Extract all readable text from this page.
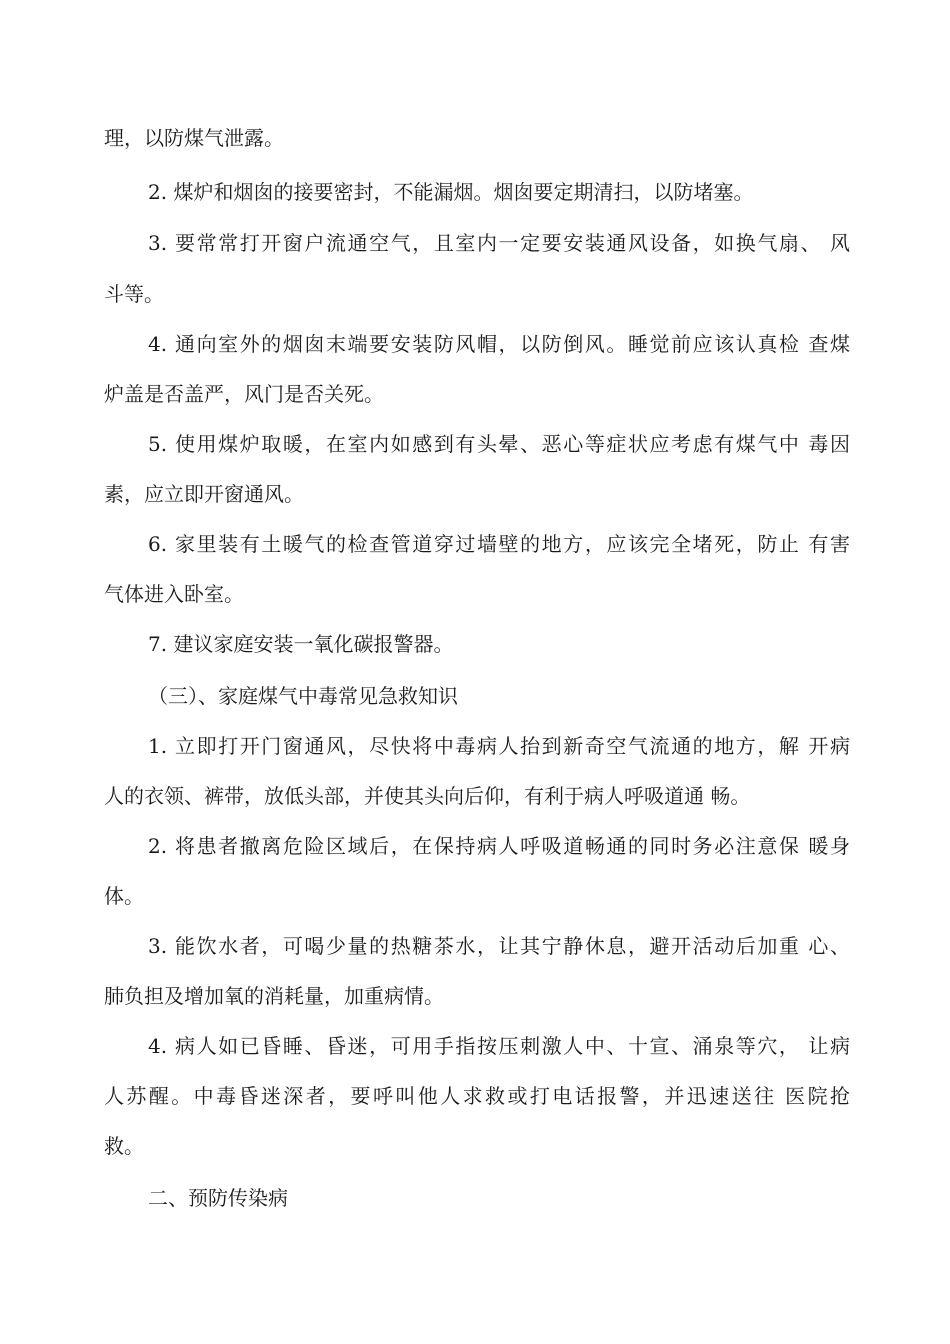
理，以防煤气泄露。
2. 煤炉和烟囱的接要密封，不能漏烟。烟囱要定期清扫，以防堵塞。
3. 要常常打开窗户流通空气，且室内一定要安装通风设备，如换气扇、 风
斗等。
4. 通向室外的烟囱末端要安装防风帽，以防倒风。睡觉前应该认真检 查煤
炉盖是否盖严，风门是否关死。
5. 使用煤炉取暖，在室内如感到有头晕、恶心等症状应考虑有煤气中 毒因
素，应立即开窗通风。
6. 家里装有土暖气的检查管道穿过墙壁的地方，应该完全堵死，防止 有害
气体进入卧室。
7. 建议家庭安装一氧化碳报警器。
（三）、家庭煤气中毒常见急救知识
1. 立即打开门窗通风，尽快将中毒病人抬到新奇空气流通的地方，解 开病
人的衣领、裤带，放低头部，并使其头向后仰，有利于病人呼吸道通 畅。
2. 将患者撤离危险区域后，在保持病人呼吸道畅通的同时务必注意保 暖身
体。
3. 能饮水者，可喝少量的热糖茶水，让其宁静休息，避开活动后加重 心、
肺负担及增加氧的消耗量，加重病情。
4. 病人如已昏睡、昏迷，可用手指按压刺激人中、十宣、涌泉等穴， 让病
人苏醒。中毒昏迷深者，要呼叫他人求救或打电话报警，并迅速送往 医院抢
救。
二、预防传染病
